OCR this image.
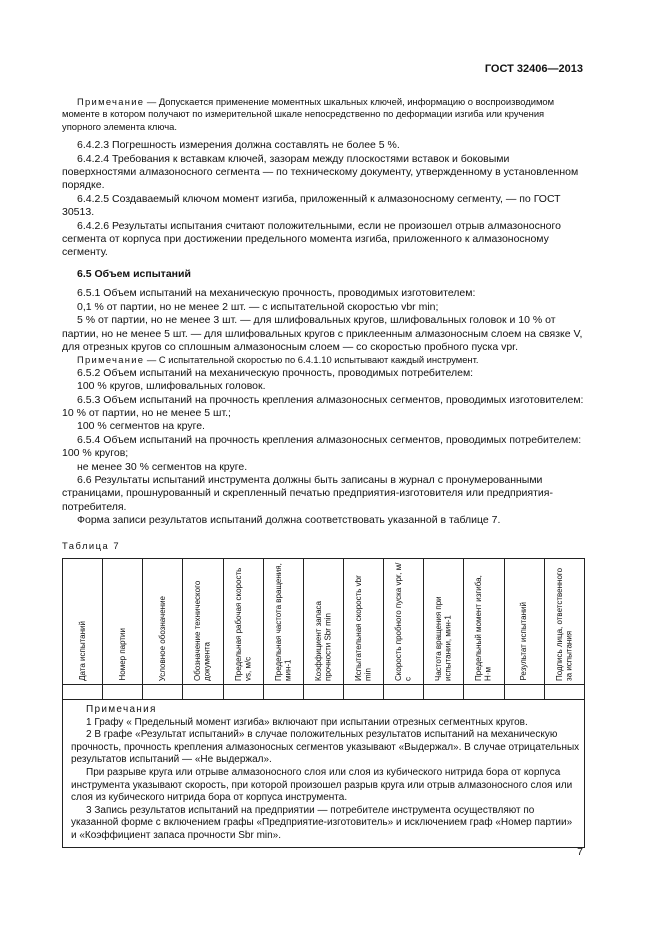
ГОСТ 32406—2013

Примечание — Допускается применение моментных шкальных ключей, информацию о воспроизводимом моменте в котором получают по измерительной шкале непосредственно по деформации изгиба или кручения упорного элемента ключа.

6.4.2.3 Погрешность измерения должна составлять не более 5 %.

6.4.2.4 Требования к вставкам ключей, зазорам между плоскостями вставок и боковыми поверхностями алмазоносного сегмента — по техническому документу, утвержденному в установленном порядке.

6.4.2.5 Создаваемый ключом момент изгиба, приложенный к алмазоносному сегменту, — по ГОСТ 30513.

6.4.2.6 Результаты испытания считают положительными, если не произошел отрыв алмазоносного сегмента от корпуса при достижении предельного момента изгиба, приложенного к алмазоносному сегменту.

6.5 Объем испытаний

6.5.1 Объем испытаний на механическую прочность, проводимых изготовителем:

0,1 % от партии, но не менее 2 шт. — с испытательной скоростью vbr min;

5 % от партии, но не менее 3 шт. — для шлифовальных кругов, шлифовальных головок и 10 % от партии, но не менее 5 шт. — для шлифовальных кругов с приклеенным алмазоносным слоем на связке V, для отрезных кругов со сплошным алмазоносным слоем — со скоростью пробного пуска vpr.

Примечание — С испытательной скоростью по 6.4.1.10 испытывают каждый инструмент.

6.5.2 Объем испытаний на механическую прочность, проводимых потребителем:

100 % кругов, шлифовальных головок.

6.5.3 Объем испытаний на прочность крепления алмазоносных сегментов, проводимых изготовителем: 10 % от партии, но не менее 5 шт.;

100 % сегментов на круге.

6.5.4 Объем испытаний на прочность крепления алмазоносных сегментов, проводимых потребителем: 100 % кругов;

не менее 30 % сегментов на круге.

6.6 Результаты испытаний инструмента должны быть записаны в журнал с пронумерованными страницами, прошнурованный и скрепленный печатью предприятия-изготовителя или предприятия-потребителя.

Форма записи результатов испытаний должна соответствовать указанной в таблице 7.

Таблица 7

Дата испытаний	Номер партии	Условное обозначение	Обозначение технического документа	Предельная рабочая скорость vs, м/с	Предельная частота вращения, мин-1	Коэффициент запаса прочности Sbr min	Испытательная скорость vbr min	Скорость пробного пуска vpr, м/с	Частота вращения при испытании, мин-1	Предельный момент изгиба, Н·м	Результат испытаний	Подпись лица, ответственного за испытания

Примечания

1 Графу « Предельный момент изгиба» включают при испытании отрезных сегментных кругов.

2 В графе «Результат испытаний» в случае положительных результатов испытаний на механическую прочность, прочность крепления алмазоносных сегментов указывают «Выдержал». В случае отрицательных результатов испытаний — «Не выдержал».

При разрыве круга или отрыве алмазоносного слоя или слоя из кубического нитрида бора от корпуса инструмента указывают скорость, при которой произошел разрыв круга или отрыв алмазоносного слоя или слоя из кубического нитрида бора от корпуса инструмента.

3 Запись результатов испытаний на предприятии — потребителе инструмента осуществляют по указанной форме с включением графы «Предприятие-изготовитель» и исключением граф «Номер партии» и «Коэффициент запаса прочности Sbr min».

7
